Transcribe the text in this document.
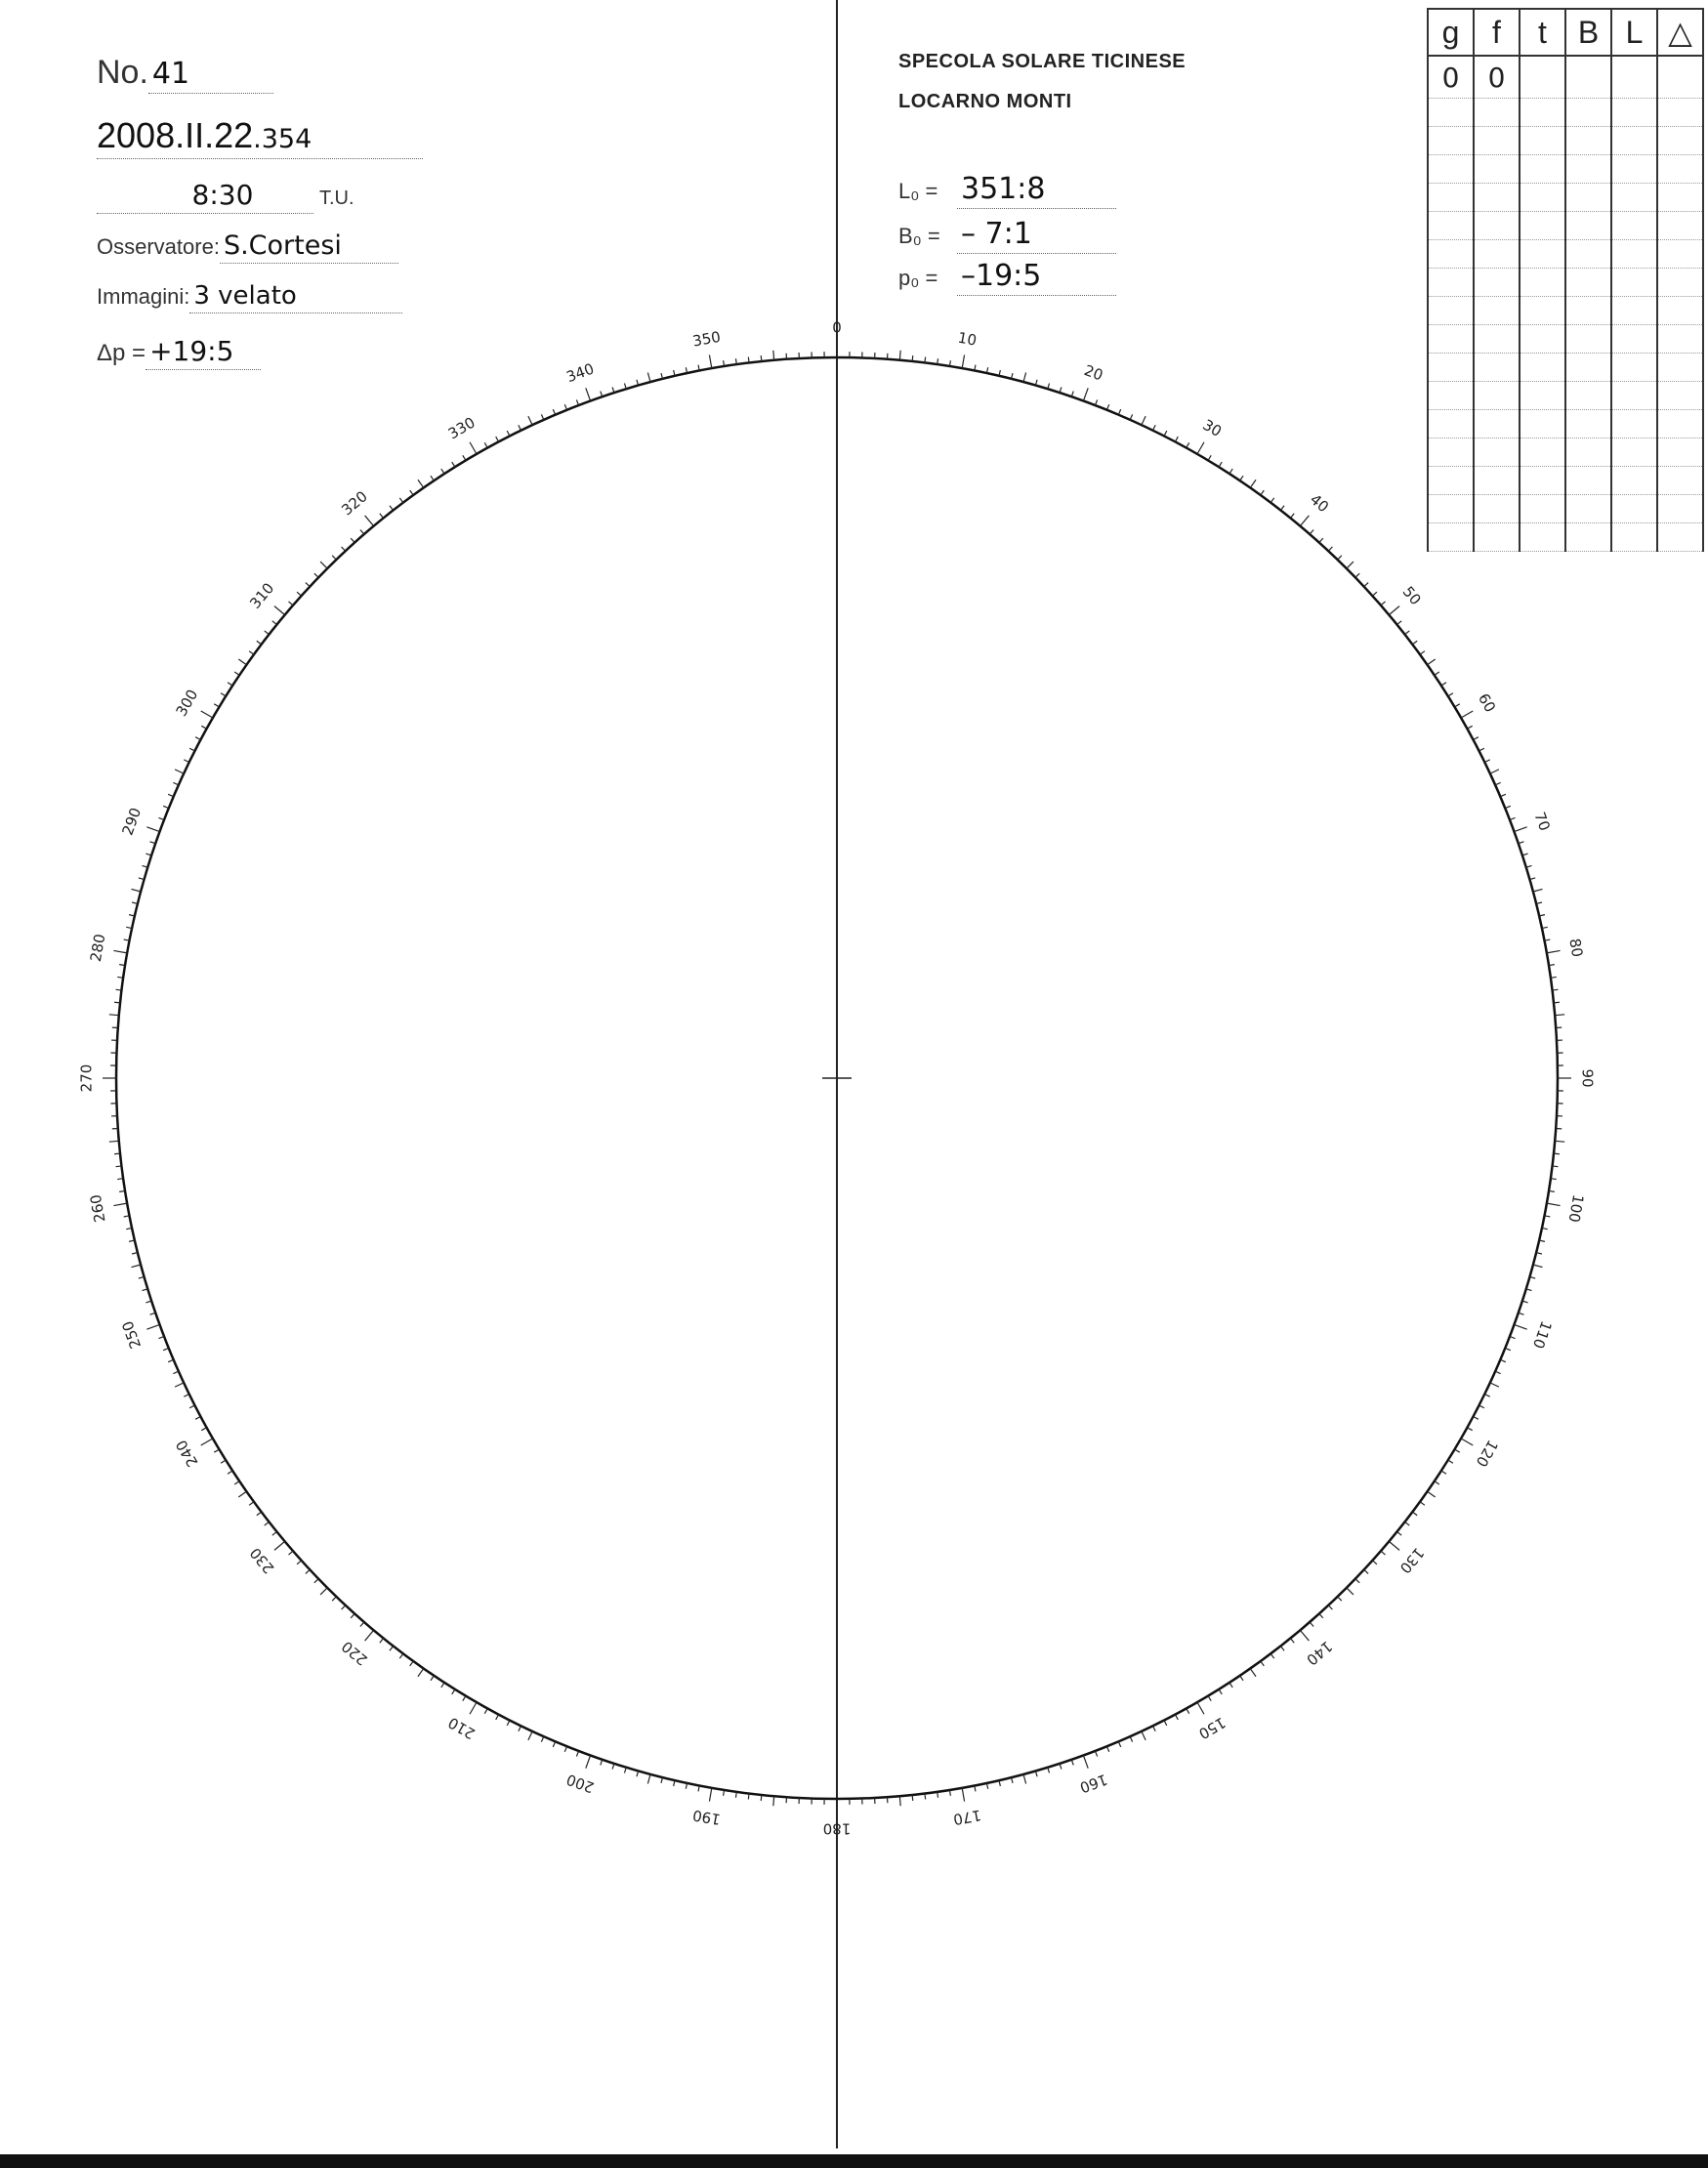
No. 41
2008.II.22.354
8:30	T.U.
Osservatore: S.Cortesi
Immagini: 3 velato
Δp = +19:5
SPECOLA SOLARE TICINESE
LOCARNO MONTI
L₀ = 351:8
B₀ = – 7:1
p₀ = –19:5
g	f	t	B	L	△
0	0				

0
10
20
30
40
50
60
70
80
90
100
110
120
130
140
150
160
170
180
190
200
210
220
230
240
250
260
270
280
290
300
310
320
330
340
350
